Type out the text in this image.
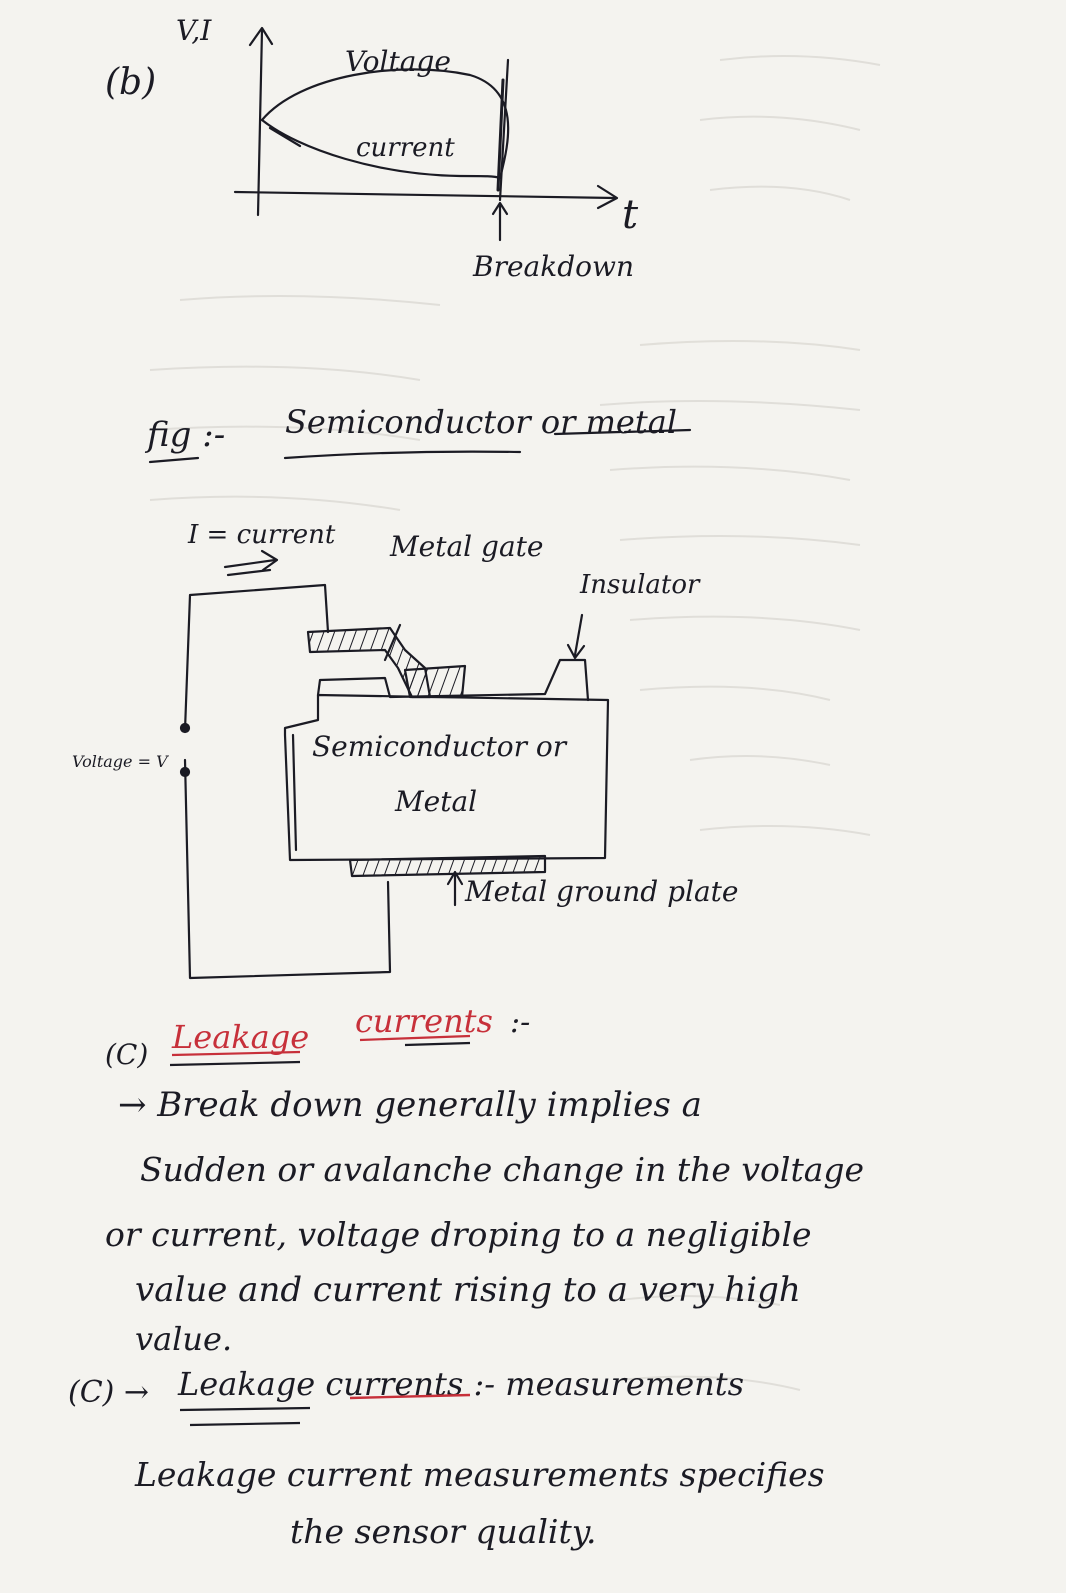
(b)
V,I
Voltage
current
t
Breakdown
fig :- Semiconductor or metal
I = current Metal gate
Insulator
Voltage = V	Semiconductor or
Metal
Metal ground plate
(C) Leakage currents :-
→ Break down generally implies a
Sudden or avalanche change in the voltage
or current, voltage droping to a negligible
value and current rising to a very high
value.
(C) → Leakage currents :- measurements
Leakage current measurements specifies
the sensor quality.
